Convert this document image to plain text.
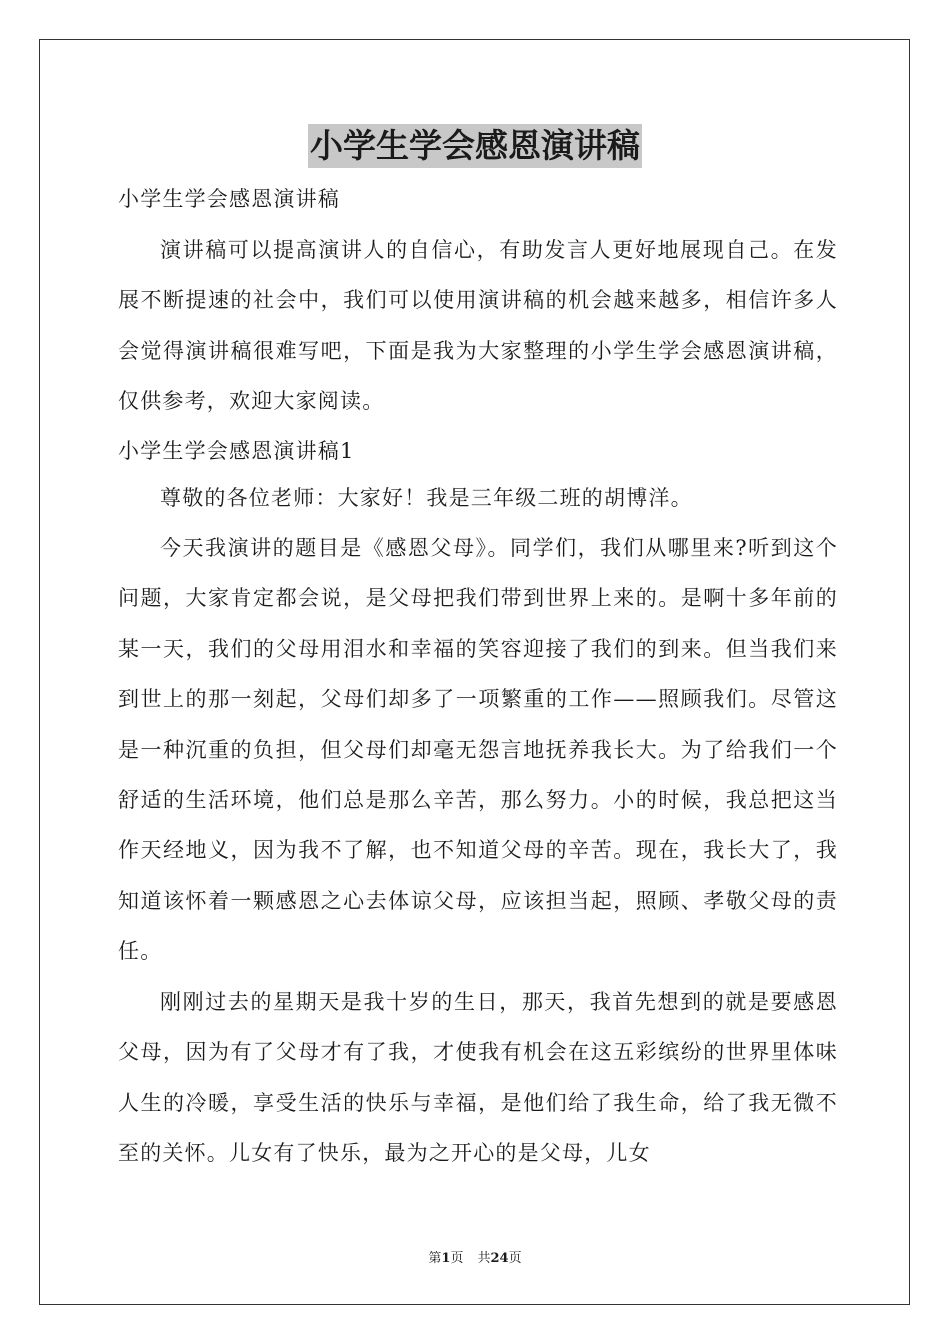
小学生学会感恩演讲稿

小学生学会感恩演讲稿

演讲稿可以提高演讲人的自信心，有助发言人更好地展现自己。在发展不断提速的社会中，我们可以使用演讲稿的机会越来越多，相信许多人会觉得演讲稿很难写吧，下面是我为大家整理的小学生学会感恩演讲稿，仅供参考，欢迎大家阅读。

小学生学会感恩演讲稿1

尊敬的各位老师：大家好！我是三年级二班的胡博洋。

今天我演讲的题目是《感恩父母》。同学们，我们从哪里来?听到这个问题，大家肯定都会说，是父母把我们带到世界上来的。是啊十多年前的某一天，我们的父母用泪水和幸福的笑容迎接了我们的到来。但当我们来到世上的那一刻起，父母们却多了一项繁重的工作——照顾我们。尽管这是一种沉重的负担，但父母们却毫无怨言地抚养我长大。为了给我们一个舒适的生活环境，他们总是那么辛苦，那么努力。小的时候，我总把这当作天经地义，因为我不了解，也不知道父母的辛苦。现在，我长大了，我知道该怀着一颗感恩之心去体谅父母，应该担当起，照顾、孝敬父母的责任。

刚刚过去的星期天是我十岁的生日，那天，我首先想到的就是要感恩父母，因为有了父母才有了我，才使我有机会在这五彩缤纷的世界里体味人生的冷暖，享受生活的快乐与幸福，是他们给了我生命，给了我无微不至的关怀。儿女有了快乐，最为之开心的是父母，儿女

第1页 共24页
